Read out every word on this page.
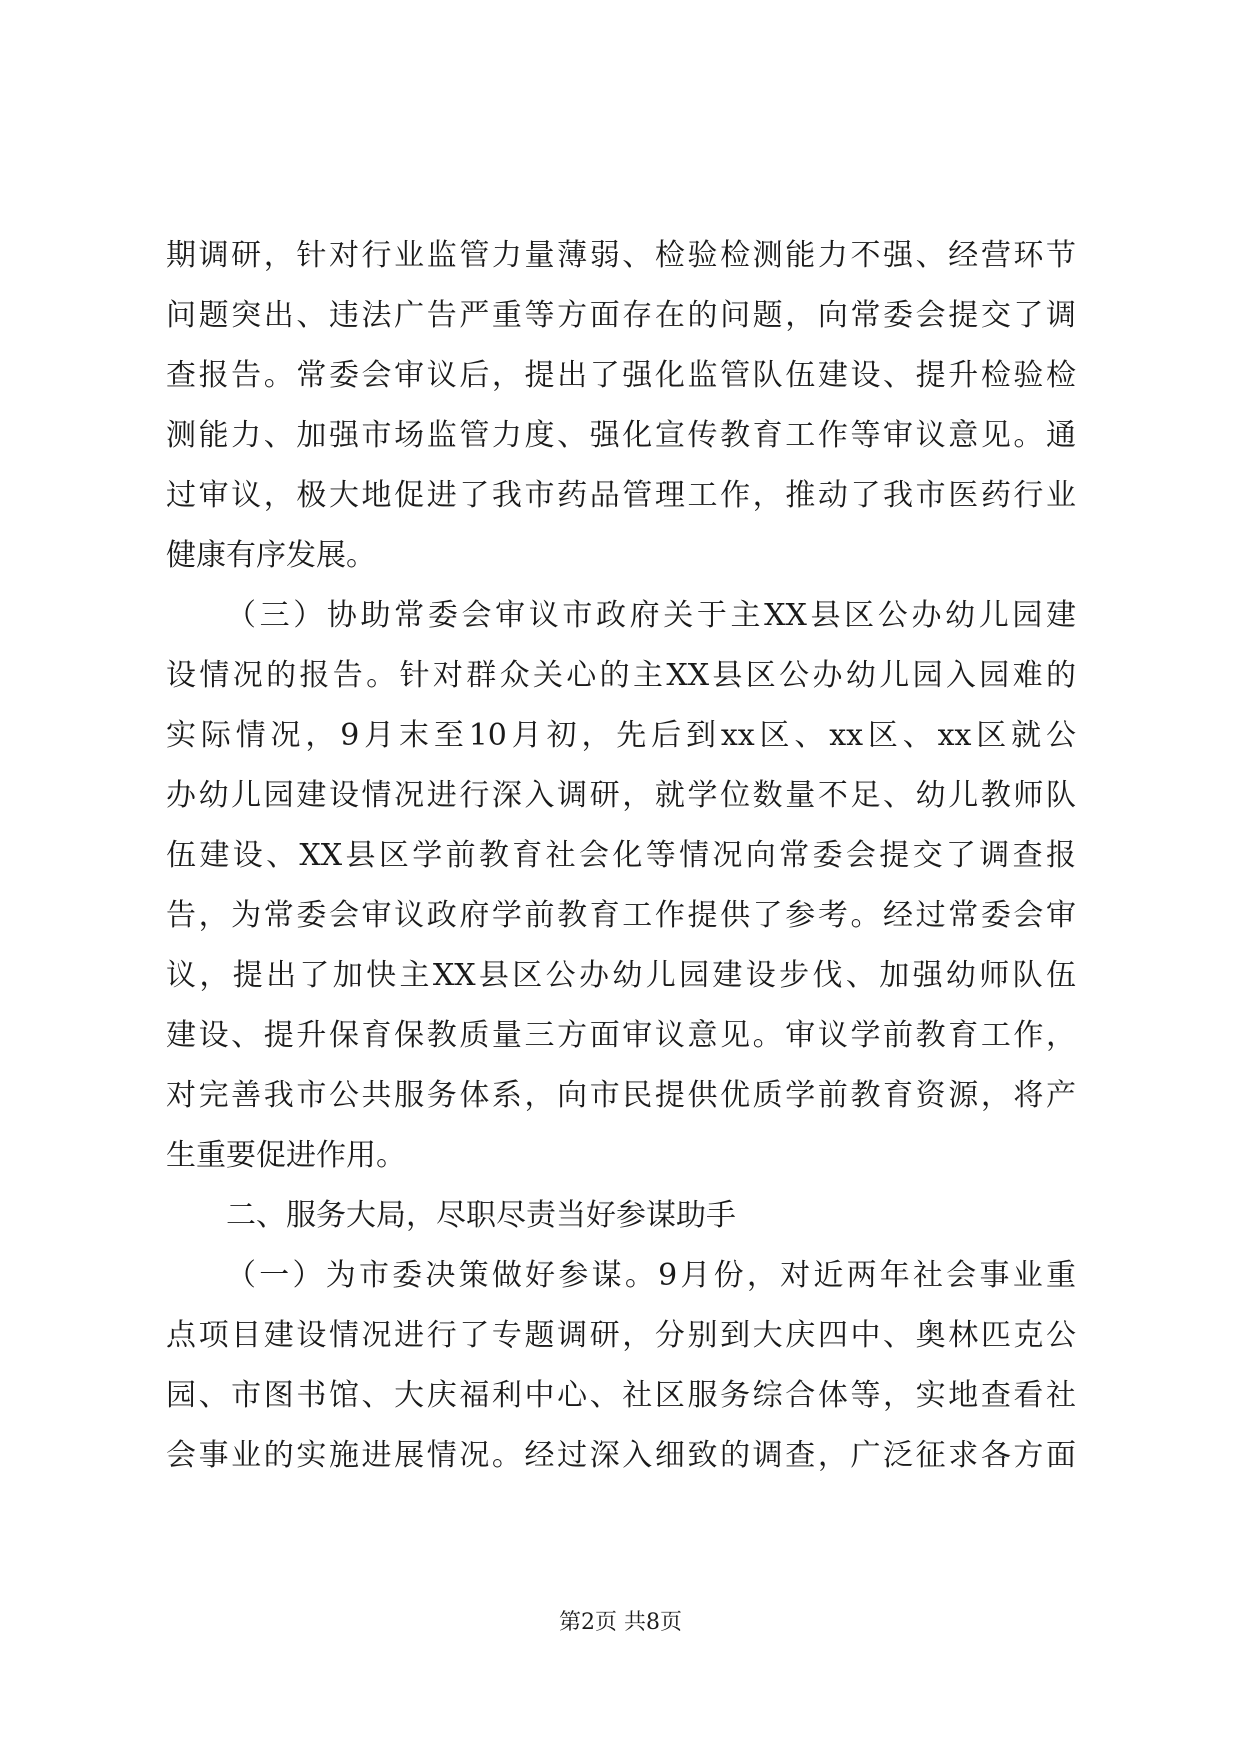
期调研，针对行业监管力量薄弱、检验检测能力不强、经营环节
问题突出、违法广告严重等方面存在的问题，向常委会提交了调
查报告。常委会审议后，提出了强化监管队伍建设、提升检验检
测能力、加强市场监管力度、强化宣传教育工作等审议意见。通
过审议，极大地促进了我市药品管理工作，推动了我市医药行业
健康有序发展。
（三）协助常委会审议市政府关于主XX县区公办幼儿园建
设情况的报告。针对群众关心的主XX县区公办幼儿园入园难的
实际情况，9月末至10月初，先后到xx区、xx区、xx区就公
办幼儿园建设情况进行深入调研，就学位数量不足、幼儿教师队
伍建设、XX县区学前教育社会化等情况向常委会提交了调查报
告，为常委会审议政府学前教育工作提供了参考。经过常委会审
议，提出了加快主XX县区公办幼儿园建设步伐、加强幼师队伍
建设、提升保育保教质量三方面审议意见。审议学前教育工作，
对完善我市公共服务体系，向市民提供优质学前教育资源，将产
生重要促进作用。
二、服务大局，尽职尽责当好参谋助手
（一）为市委决策做好参谋。9月份，对近两年社会事业重
点项目建设情况进行了专题调研，分别到大庆四中、奥林匹克公
园、市图书馆、大庆福利中心、社区服务综合体等，实地查看社
会事业的实施进展情况。经过深入细致的调查，广泛征求各方面
第2页 共8页
